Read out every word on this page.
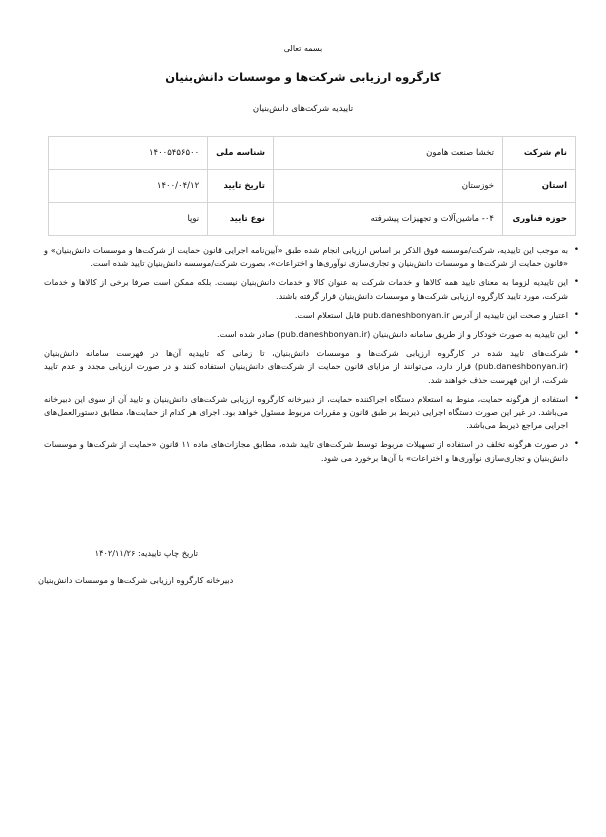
بسمه تعالی
کارگروه ارزیابی شرکت‌ها و موسسات دانش‌بنیان
تاییدیه شرکت‌های دانش‌بنیان
نام شرکت	تخشا صنعت هامون	شناسه ملی	۱۴۰۰۵۴۵۶۵۰۰
استان	خوزستان	تاریخ تایید	۱۴۰۰/۰۴/۱۲
حوزه فناوری	۰۴- ماشین‌آلات و تجهیزات پیشرفته	نوع تایید	نوپا
• به موجب این تاییدیه، شرکت/موسسه فوق الذکر بر اساس ارزیابی انجام شده طبق «آیین‌نامه اجرایی قانون حمایت از شرکت‌ها و موسسات دانش‌بنیان» و «قانون حمایت از شرکت‌ها و موسسات دانش‌بنیان و تجاری‌سازی نوآوری‌ها و اختراعات»، بصورت شرکت/موسسه دانش‌بنیان تایید شده است.
• این تاییدیه لزوما به معنای تایید همه کالاها و خدمات شرکت به عنوان کالا و خدمات دانش‌بنیان نیست. بلکه ممکن است صرفا برخی از کالاها و خدمات شرکت، مورد تایید کارگروه ارزیابی شرکت‌ها و موسسات دانش‌بنیان قرار گرفته باشند.
• اعتبار و صحت این تاییدیه از آدرس pub.daneshbonyan.ir قابل استعلام است.
• این تاییدیه به صورت خودکار و از طریق سامانه دانش‌بنیان (pub.daneshbonyan.ir) صادر شده است.
• شرکت‌های تایید شده در کارگروه ارزیابی شرکت‌ها و موسسات دانش‌بنیان، تا زمانی که تاییدیه آن‌ها در فهرست سامانه دانش‌بنیان (pub.daneshbonyan.ir) قرار دارد، می‌توانند از مزایای قانون حمایت از شرکت‌های دانش‌بنیان استفاده کنند و در صورت ارزیابی مجدد و عدم تایید شرکت، از این فهرست حذف خواهند شد.
• استفاده از هرگونه حمایت، منوط به استعلام دستگاه اجراکننده حمایت، از دبیرخانه کارگروه ارزیابی شرکت‌های دانش‌بنیان و تایید آن از سوی این دبیرخانه می‌باشد. در غیر این صورت دستگاه اجرایی ذیربط بر طبق قانون و مقررات مربوط مسئول خواهد بود. اجرای هر کدام از حمایت‌ها، مطابق دستورالعمل‌های اجرایی مراجع ذیربط می‌باشد.
• در صورت هرگونه تخلف در استفاده از تسهیلات مربوط توسط شرکت‌های تایید شده، مطابق مجازات‌های ماده ۱۱ قانون «حمایت از شرکت‌ها و موسسات دانش‌بنیان و تجاری‌سازی نوآوری‌ها و اختراعات» با آن‌ها برخورد می شود.
تاریخ چاپ تاییدیه: ۱۴۰۲/۱۱/۲۶
دبیرخانه کارگروه ارزیابی شرکت‌ها و موسسات دانش‌بنیان
